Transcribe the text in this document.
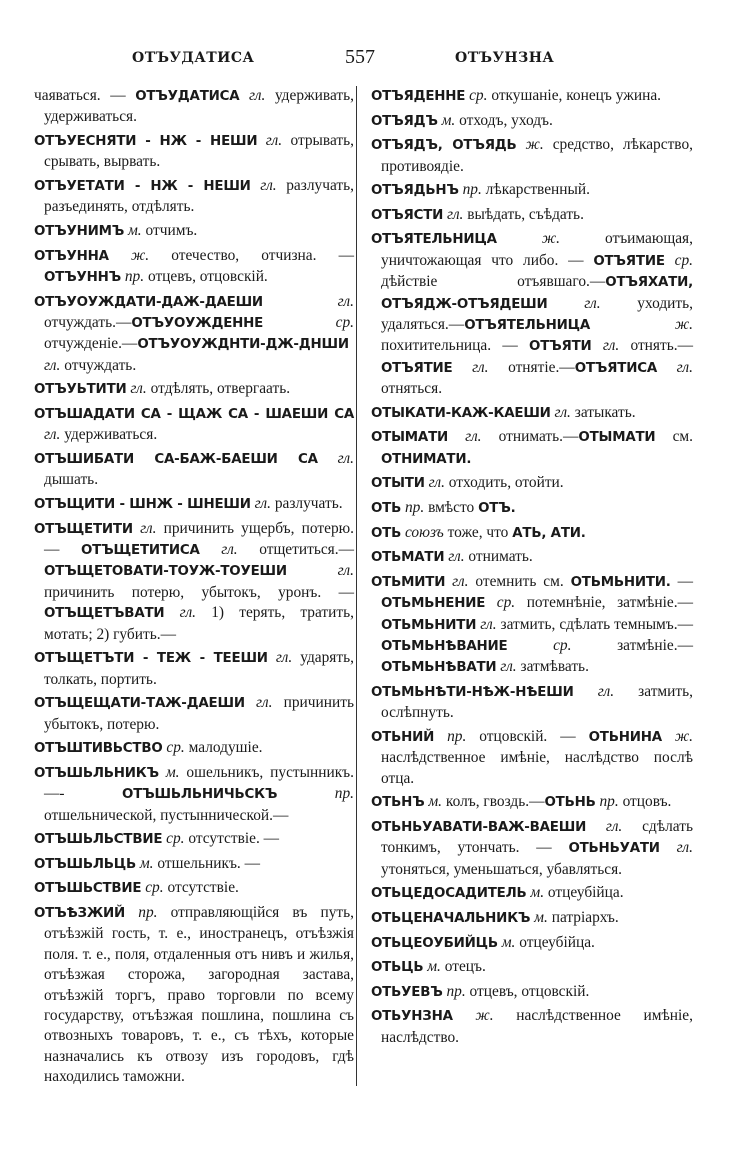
ОТЪУДАТИСА	557	ОТЪУНЗНА
чаяваться. — ОТЪУДАТИСА гл. удерживать, удерживаться.
ОТЪУЕСНЯТИ - НЖ - НЕШИ гл. отрывать, срывать, вырвать.
ОТЪУЕТАТИ - НЖ - НЕШИ гл. разлучать, разъединять, отдѣлять.
ОТЪУНИМЪ м. отчимъ.
ОТЪУННА ж. отечество, отчизна. — ОТЪУННЪ пр. отцевъ, отцовскій.
ОТЪУОУЖДАТИ-ДАЖ-ДАЕШИ гл. отчуждать.—ОТЪУОУЖДЕННЕ ср. отчужденіе.—ОТЪУОУЖДНТИ-ДЖ-ДНШИ гл. отчуждать.
ОТЪУЬТИТИ гл. отдѣлять, отвергаать.
ОТЪШАДАТИ СА - ЩАЖ СА - ШАЕШИ СА гл. удерживаться.
ОТЪШИБАТИ СА-БАЖ-БАЕШИ СА гл. дышать.
ОТЪЩИТИ - ШНЖ - ШНЕШИ гл. разлучать.
ОТЪЩЕТИТИ гл. причинить ущербъ, потерю. — ОТЪЩЕТИТИСА гл. отщетиться.— ОТЪЩЕТОВАТИ-ТОУЖ-ТОУЕШИ гл. причинить потерю, убытокъ, уронъ. — ОТЪЩЕТЪВАТИ гл. 1) терять, тратить, мотать; 2) губить.—
ОТЪЩЕТЪТИ - ТЕЖ - ТЕЕШИ гл. ударять, толкать, портить.
ОТЪЩЕЩАТИ-ТАЖ-ДАЕШИ гл. причинить убытокъ, потерю.
ОТЪШТИВЬСТВО ср. малодушіе.
ОТЪШЬЛЬНИКЪ м. ошельникъ, пустынникъ. —- ОТЪШЬЛЬНИЧЬСКЪ пр. отшельнической, пустыннической.—
ОТЪШЬЛЬСТВИЕ ср. отсутствіе. —
ОТЪШЬЛЬЦЬ м. отшельникъ. —
ОТЪШЬСТВИЕ ср. отсутствіе.
ОТЪѢЗЖИЙ пр. отправляющійся въ путь, отъѣзжій гость, т. е., иностранецъ, отъѣзжія поля. т. е., поля, отдаленныя отъ нивъ и жилья, отъѣзжая сторожа, загородная застава, отъѣзжій торгъ, право торговли по всему государству, отъѣзжая пошлина, пошлина съ отвозныхъ товаровъ, т. е., съ тѣхъ, которые назначались къ отвозу изъ городовъ, гдѣ находились таможни.
ОТЪЯДЕННЕ ср. откушаніе, конецъ ужина.
ОТЪЯДЪ м. отходъ, уходъ.
ОТЪЯДЪ, ОТЪЯДЬ ж. средство, лѣкарство, противоядіе.
ОТЪЯДЬНЪ пр. лѣкарственный.
ОТЪЯСТИ гл. выѣдать, съѣдать.
ОТЪЯТЕЛЬНИЦА ж. отъимающая, уничтожающая что либо. — ОТЪЯТИЕ ср. дѣйствіе отъявшаго.—ОТЪЯХАТИ, ОТЪЯДЖ-ОТЪЯДЕШИ гл. уходить, удаляться.—ОТЪЯТЕЛЬНИЦА ж. похитительница. — ОТЪЯТИ гл. отнять.—ОТЪЯТИЕ гл. отнятіе.—ОТЪЯТИСА гл. отняться.
ОТЫКАТИ-КАЖ-КАЕШИ гл. затыкать.
ОТЫМАТИ гл. отнимать.—ОТЫМАТИ см. ОТНИМАТИ.
ОТЫТИ гл. отходить, отойти.
ОТЬ пр. вмѣсто ОТЪ.
ОТЬ союзъ тоже, что АТЬ, АТИ.
ОТЬМАТИ гл. отнимать.
ОТЬМИТИ гл. отемнить см. ОТЬМЬНИТИ. —ОТЬМЬНЕНИЕ ср. потемнѣніе, затмѣніе.—ОТЬМЬНИТИ гл. затмить, сдѣлать темнымъ.—ОТЬМЬНѢВАНИЕ ср. затмѣніе.—ОТЬМЬНѢВАТИ гл. затмѣвать.
ОТЬМЬНѢТИ-НѢЖ-НѢЕШИ гл. затмить, ослѣпнуть.
ОТЬНИЙ пр. отцовскій. — ОТЬНИНА ж. наслѣдственное имѣніе, наслѣдство послѣ отца.
ОТЬНЪ м. колъ, гвоздь.—ОТЬНЬ пр. отцовъ.
ОТЬНЬУАВАТИ-ВАЖ-ВАЕШИ гл. сдѣлать тонкимъ, утончать. — ОТЬНЬУАТИ гл. утоняться, уменьшаться, убавляться.
ОТЬЦЕДОСАДИТЕЛЬ м. отцеубійца.
ОТЬЦЕНАЧАЛЬНИКЪ м. патріархъ.
ОТЬЦЕОУБИЙЦЬ м. отцеубійца.
ОТЬЦЬ м. отецъ.
ОТЬУЕВЪ пр. отцевъ, отцовскій.
ОТЬУНЗНА ж. наслѣдственное имѣніе, наслѣдство.
